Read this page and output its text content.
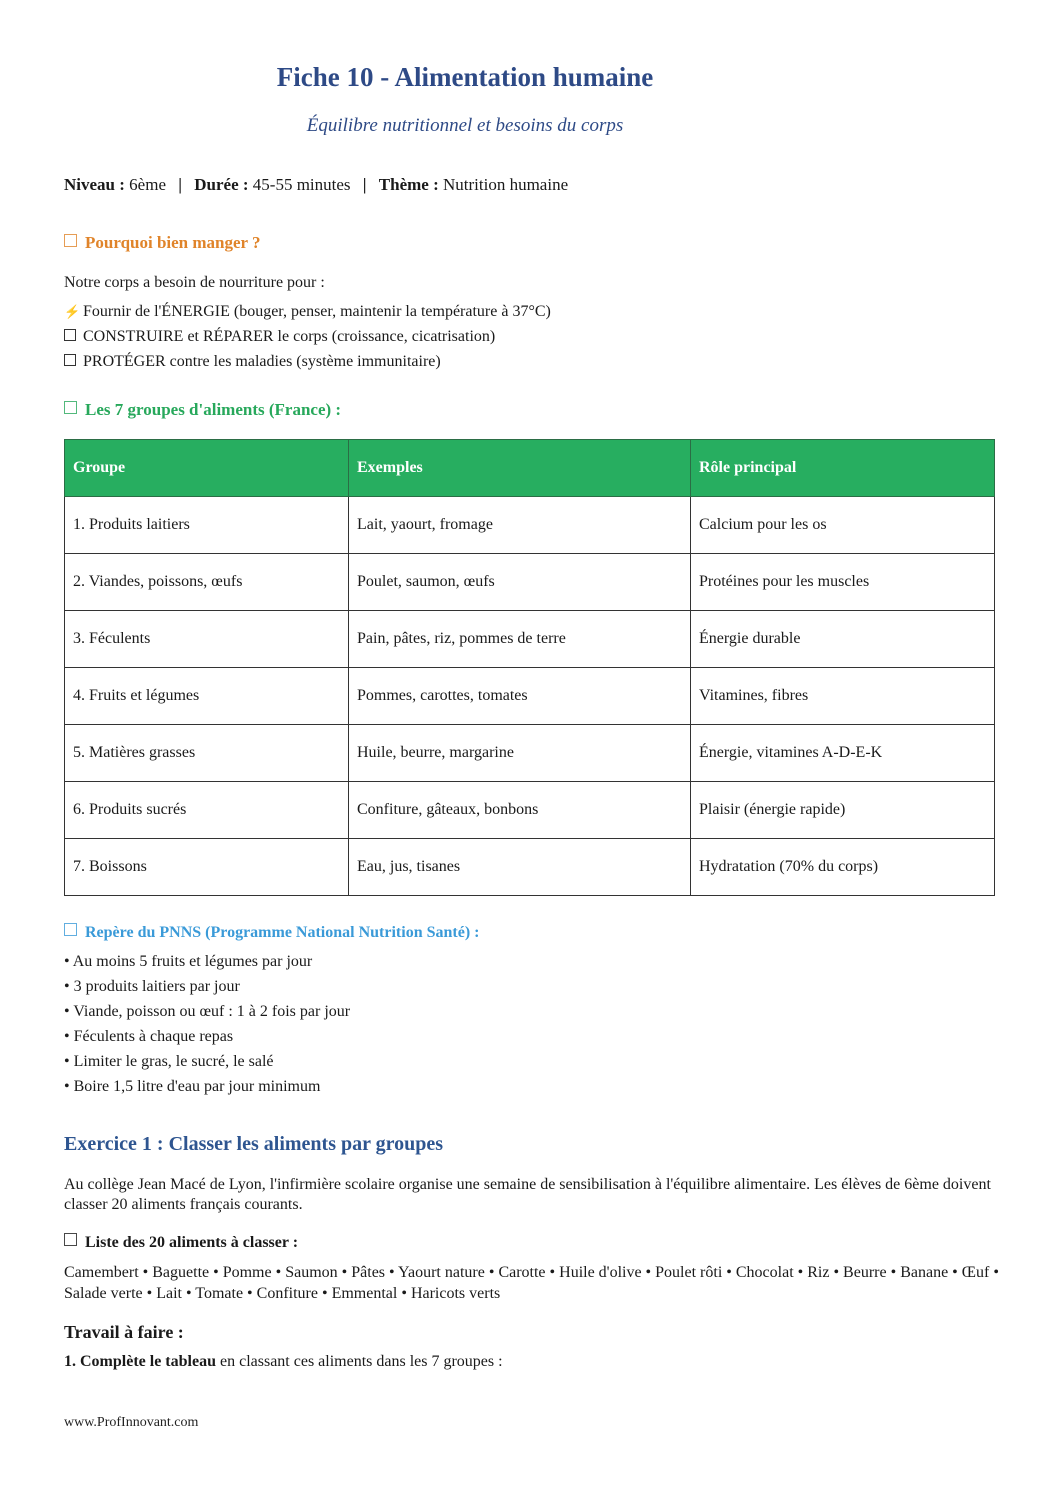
Fiche 10 - Alimentation humaine
Équilibre nutritionnel et besoins du corps
Niveau : 6ème | Durée : 45-55 minutes | Thème : Nutrition humaine
Pourquoi bien manger ?
Notre corps a besoin de nourriture pour :
⚡ Fournir de l'ÉNERGIE (bouger, penser, maintenir la température à 37°C)
CONSTRUIRE et RÉPARER le corps (croissance, cicatrisation)
PROTÉGER contre les maladies (système immunitaire)
Les 7 groupes d'aliments (France) :
Groupe	Exemples	Rôle principal
1. Produits laitiers	Lait, yaourt, fromage	Calcium pour les os
2. Viandes, poissons, œufs	Poulet, saumon, œufs	Protéines pour les muscles
3. Féculents	Pain, pâtes, riz, pommes de terre	Énergie durable
4. Fruits et légumes	Pommes, carottes, tomates	Vitamines, fibres
5. Matières grasses	Huile, beurre, margarine	Énergie, vitamines A-D-E-K
6. Produits sucrés	Confiture, gâteaux, bonbons	Plaisir (énergie rapide)
7. Boissons	Eau, jus, tisanes	Hydratation (70% du corps)
Repère du PNNS (Programme National Nutrition Santé) :
• Au moins 5 fruits et légumes par jour
• 3 produits laitiers par jour
• Viande, poisson ou œuf : 1 à 2 fois par jour
• Féculents à chaque repas
• Limiter le gras, le sucré, le salé
• Boire 1,5 litre d'eau par jour minimum
Exercice 1 : Classer les aliments par groupes
Au collège Jean Macé de Lyon, l'infirmière scolaire organise une semaine de sensibilisation à l'équilibre alimentaire. Les élèves de 6ème doivent classer 20 aliments français courants.
Liste des 20 aliments à classer :
Camembert • Baguette • Pomme • Saumon • Pâtes • Yaourt nature • Carotte • Huile d'olive • Poulet rôti • Chocolat • Riz • Beurre • Banane • Œuf • Salade verte • Lait • Tomate • Confiture • Emmental • Haricots verts
Travail à faire :
1. Complète le tableau en classant ces aliments dans les 7 groupes :
www.ProfInnovant.com
